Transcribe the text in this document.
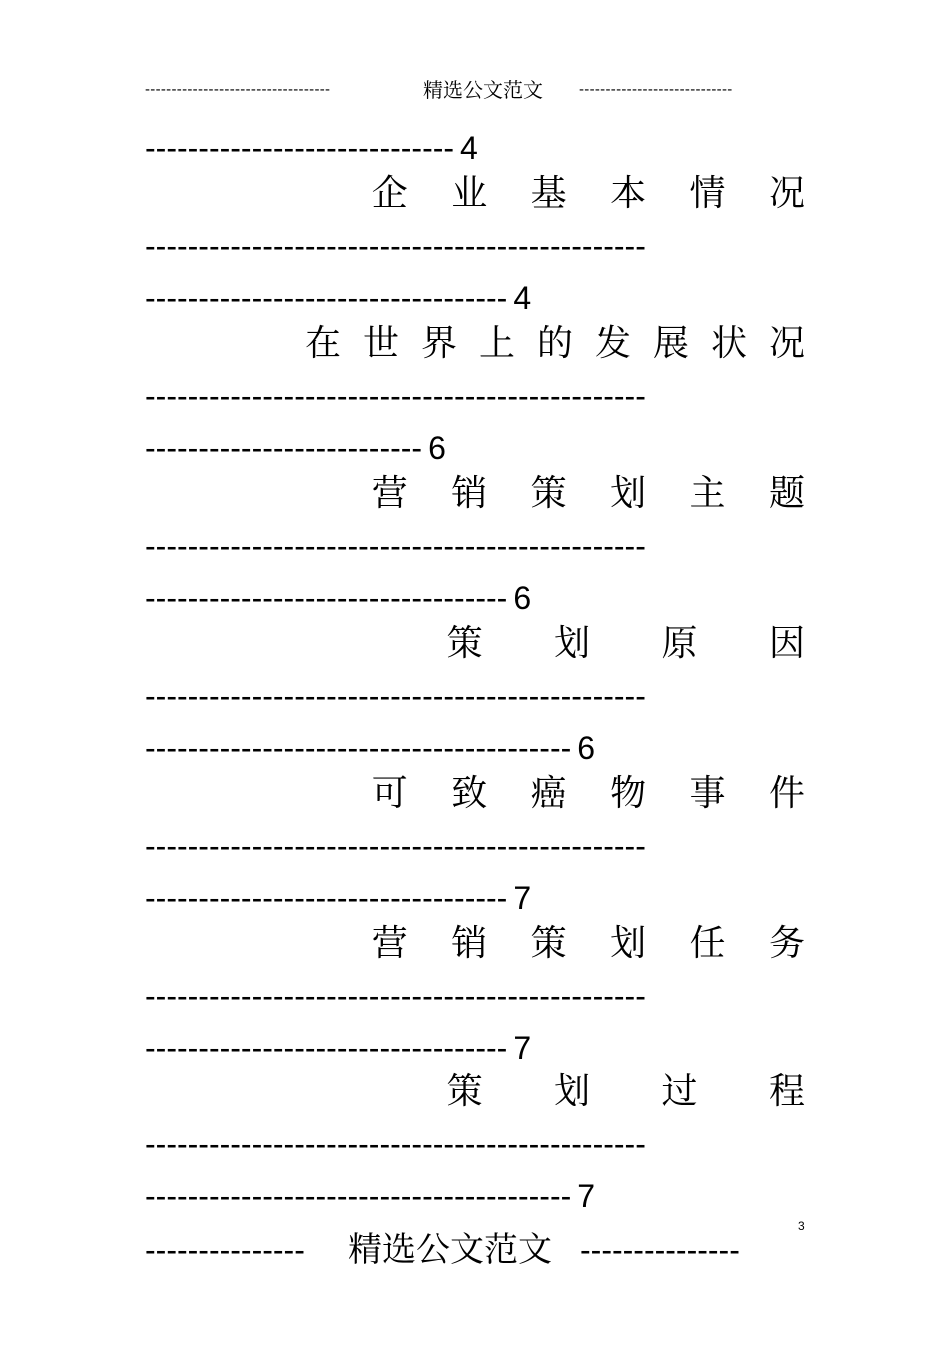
-----------------------------------	精选公文范文 -----------------------------
----------------------------- 4
企 业 基 本 情 况
-----------------------------------------------
---------------------------------- 4
在世界上的发展状况
-----------------------------------------------
-------------------------- 6
营 销 策 划 主 题
-----------------------------------------------
---------------------------------- 6
策 划 原 因
-----------------------------------------------
---------------------------------------- 6
可 致 癌 物 事 件
-----------------------------------------------
---------------------------------- 7
营 销 策 划 任 务
-----------------------------------------------
---------------------------------- 7
策 划 过 程
-----------------------------------------------
---------------------------------------- 7
3
--------------- 精选公文范文 ---------------
